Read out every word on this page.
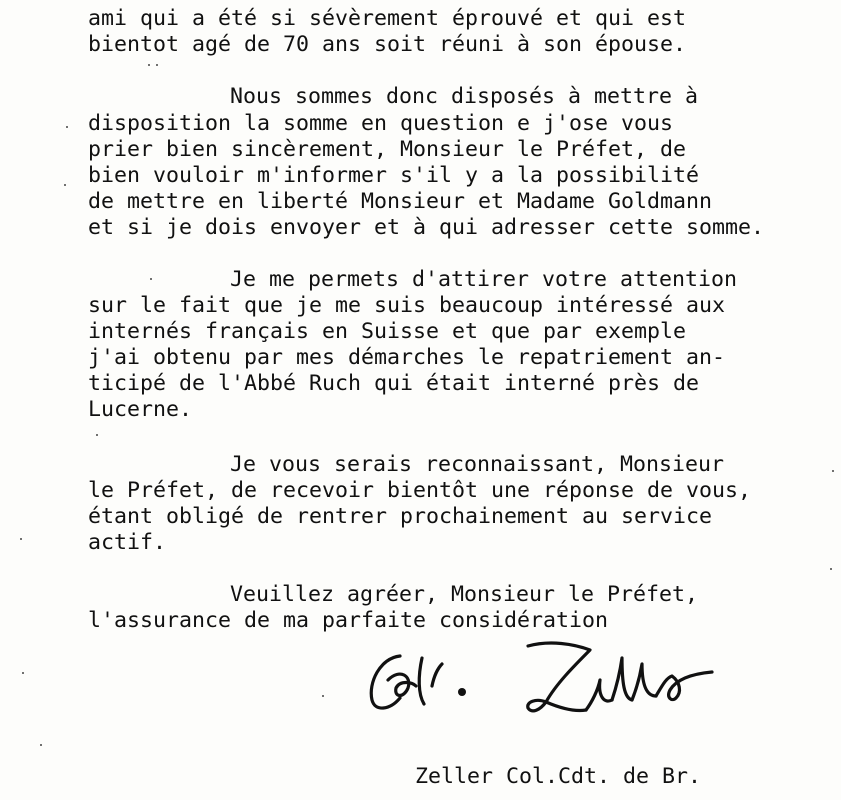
ami qui a été si sévèrement éprouvé et qui est
bientot agé de 70 ans soit réuni à son épouse.
Nous sommes donc disposés à mettre à
disposition la somme en question e j'ose vous
prier bien sincèrement, Monsieur le Préfet, de
bien vouloir m'informer s'il y a la possibilité
de mettre en liberté Monsieur et Madame Goldmann
et si je dois envoyer et à qui adresser cette somme.
Je me permets d'attirer votre attention
sur le fait que je me suis beaucoup intéressé aux
internés français en Suisse et que par exemple
j'ai obtenu par mes démarches le repatriement an-
ticipé de l'Abbé Ruch qui était interné près de
Lucerne.
Je vous serais reconnaissant, Monsieur
le Préfet, de recevoir bientôt une réponse de vous,
étant obligé de rentrer prochainement au service
actif.
Veuillez agréer, Monsieur le Préfet,
l'assurance de ma parfaite considération
Zeller Col.Cdt. de Br.
